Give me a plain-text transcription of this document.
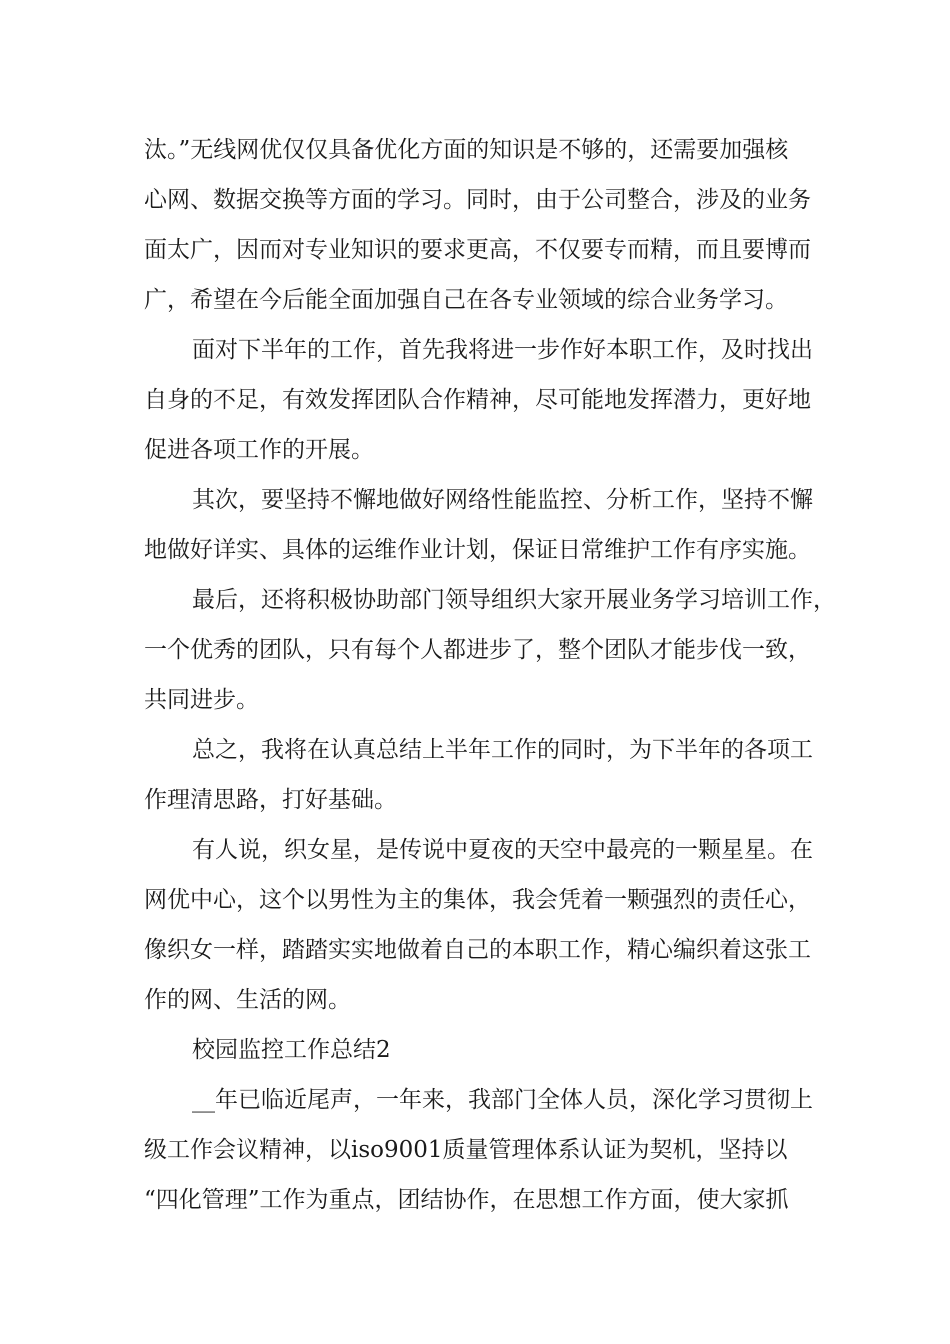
汰。”无线网优仅仅具备优化方面的知识是不够的，还需要加强核
心网、数据交换等方面的学习。同时，由于公司整合，涉及的业务
面太广，因而对专业知识的要求更高，不仅要专而精，而且要博而
广，希望在今后能全面加强自己在各专业领域的综合业务学习。
面对下半年的工作，首先我将进一步作好本职工作，及时找出
自身的不足，有效发挥团队合作精神，尽可能地发挥潜力，更好地
促进各项工作的开展。
其次，要坚持不懈地做好网络性能监控、分析工作，坚持不懈
地做好详实、具体的运维作业计划，保证日常维护工作有序实施。
最后，还将积极协助部门领导组织大家开展业务学习培训工作，
一个优秀的团队，只有每个人都进步了，整个团队才能步伐一致，
共同进步。
总之，我将在认真总结上半年工作的同时，为下半年的各项工
作理清思路，打好基础。
有人说，织女星，是传说中夏夜的天空中最亮的一颗星星。在
网优中心，这个以男性为主的集体，我会凭着一颗强烈的责任心，
像织女一样，踏踏实实地做着自己的本职工作，精心编织着这张工
作的网、生活的网。
校园监控工作总结2
__年已临近尾声，一年来，我部门全体人员，深化学习贯彻上
级工作会议精神，以iso9001质量管理体系认证为契机，坚持以
“四化管理”工作为重点，团结协作，在思想工作方面，使大家抓
